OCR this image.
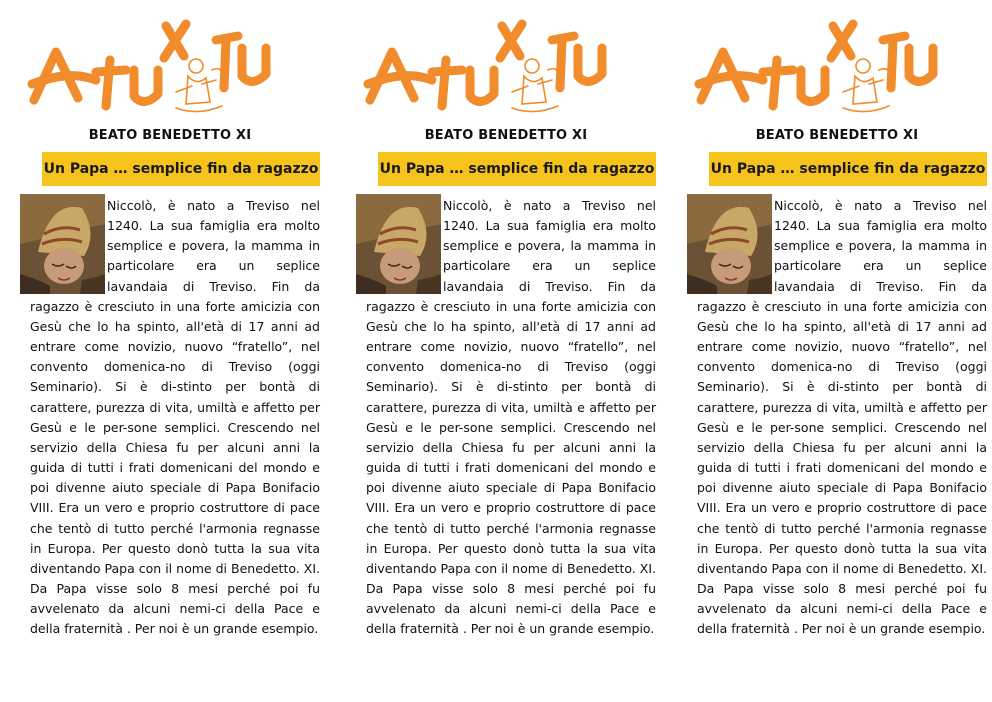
BEATO BENEDETTO XI
Un Papa … semplice fin da ragazzo
Niccolò, è nato a Treviso nel 1240. La sua famiglia era molto semplice e povera, la mamma in particolare era un seplice lavandaia di Treviso. Fin da ragazzo è cresciuto in una forte amicizia con Gesù che lo ha spinto, all'età di 17 anni ad entrare come novizio, nuovo “fratello”, nel convento domenica-no di Treviso (oggi Seminario). Si è di-stinto per bontà di carattere, purezza di vita, umiltà e affetto per Gesù e le per-sone semplici. Crescendo nel servizio della Chiesa fu per alcuni anni la guida di tutti i frati domenicani del mondo e poi divenne aiuto speciale di Papa Bonifacio VIII. Era un vero e proprio costruttore di pace che tentò di tutto perché l'armonia regnasse in Europa. Per questo donò tutta la sua vita diventando Papa con il nome di Benedetto. XI. Da Papa visse solo 8 mesi perché poi fu avvelenato da alcuni nemi-ci della Pace e della fraternità . Per noi è un grande esempio.
BEATO BENEDETTO XI
Un Papa … semplice fin da ragazzo
Niccolò, è nato a Treviso nel 1240. La sua famiglia era molto semplice e povera, la mamma in particolare era un seplice lavandaia di Treviso. Fin da ragazzo è cresciuto in una forte amicizia con Gesù che lo ha spinto, all'età di 17 anni ad entrare come novizio, nuovo “fratello”, nel convento domenica-no di Treviso (oggi Seminario). Si è di-stinto per bontà di carattere, purezza di vita, umiltà e affetto per Gesù e le per-sone semplici. Crescendo nel servizio della Chiesa fu per alcuni anni la guida di tutti i frati domenicani del mondo e poi divenne aiuto speciale di Papa Bonifacio VIII. Era un vero e proprio costruttore di pace che tentò di tutto perché l'armonia regnasse in Europa. Per questo donò tutta la sua vita diventando Papa con il nome di Benedetto. XI. Da Papa visse solo 8 mesi perché poi fu avvelenato da alcuni nemi-ci della Pace e della fraternità . Per noi è un grande esempio.
BEATO BENEDETTO XI
Un Papa … semplice fin da ragazzo
Niccolò, è nato a Treviso nel 1240. La sua famiglia era molto semplice e povera, la mamma in particolare era un seplice lavandaia di Treviso. Fin da ragazzo è cresciuto in una forte amicizia con Gesù che lo ha spinto, all'età di 17 anni ad entrare come novizio, nuovo “fratello”, nel convento domenica-no di Treviso (oggi Seminario). Si è di-stinto per bontà di carattere, purezza di vita, umiltà e affetto per Gesù e le per-sone semplici. Crescendo nel servizio della Chiesa fu per alcuni anni la guida di tutti i frati domenicani del mondo e poi divenne aiuto speciale di Papa Bonifacio VIII. Era un vero e proprio costruttore di pace che tentò di tutto perché l'armonia regnasse in Europa. Per questo donò tutta la sua vita diventando Papa con il nome di Benedetto. XI. Da Papa visse solo 8 mesi perché poi fu avvelenato da alcuni nemi-ci della Pace e della fraternità . Per noi è un grande esempio.
